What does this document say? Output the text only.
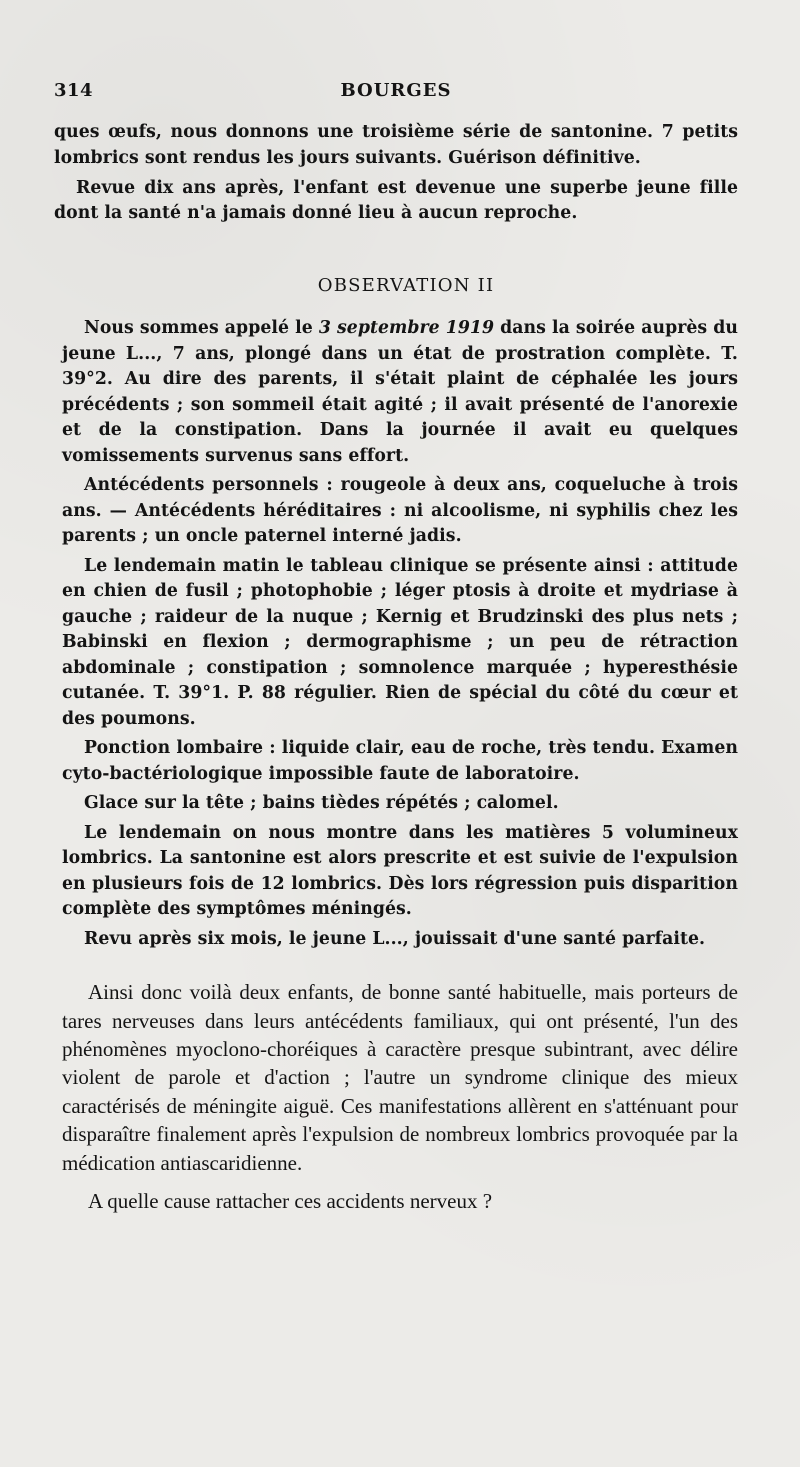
314	BOURGES

ques œufs, nous donnons une troisième série de santonine. 7 petits lombrics sont rendus les jours suivants. Guérison définitive.

Revue dix ans après, l'enfant est devenue une superbe jeune fille dont la santé n'a jamais donné lieu à aucun reproche.

OBSERVATION II

Nous sommes appelé le 3 septembre 1919 dans la soirée auprès du jeune L..., 7 ans, plongé dans un état de prostration complète. T. 39°2. Au dire des parents, il s'était plaint de céphalée les jours précédents ; son sommeil était agité ; il avait présenté de l'anorexie et de la constipation. Dans la journée il avait eu quelques vomissements survenus sans effort.

Antécédents personnels : rougeole à deux ans, coqueluche à trois ans. — Antécédents héréditaires : ni alcoolisme, ni syphilis chez les parents ; un oncle paternel interné jadis.

Le lendemain matin le tableau clinique se présente ainsi : attitude en chien de fusil ; photophobie ; léger ptosis à droite et mydriase à gauche ; raideur de la nuque ; Kernig et Brudzinski des plus nets ; Babinski en flexion ; dermographisme ; un peu de rétraction abdominale ; constipation ; somnolence marquée ; hyperesthésie cutanée. T. 39°1. P. 88 régulier. Rien de spécial du côté du cœur et des poumons.

Ponction lombaire : liquide clair, eau de roche, très tendu. Examen cyto-bactériologique impossible faute de laboratoire.

Glace sur la tête ; bains tièdes répétés ; calomel.

Le lendemain on nous montre dans les matières 5 volumineux lombrics. La santonine est alors prescrite et est suivie de l'expulsion en plusieurs fois de 12 lombrics. Dès lors régression puis disparition complète des symptômes méningés.

Revu après six mois, le jeune L..., jouissait d'une santé parfaite.

Ainsi donc voilà deux enfants, de bonne santé habituelle, mais porteurs de tares nerveuses dans leurs antécédents familiaux, qui ont présenté, l'un des phénomènes myoclono-choréiques à caractère presque subintrant, avec délire violent de parole et d'action ; l'autre un syndrome clinique des mieux caractérisés de méningite aiguë. Ces manifestations allèrent en s'atténuant pour disparaître finalement après l'expulsion de nombreux lombrics provoquée par la médication antiascaridienne.

A quelle cause rattacher ces accidents nerveux ?
